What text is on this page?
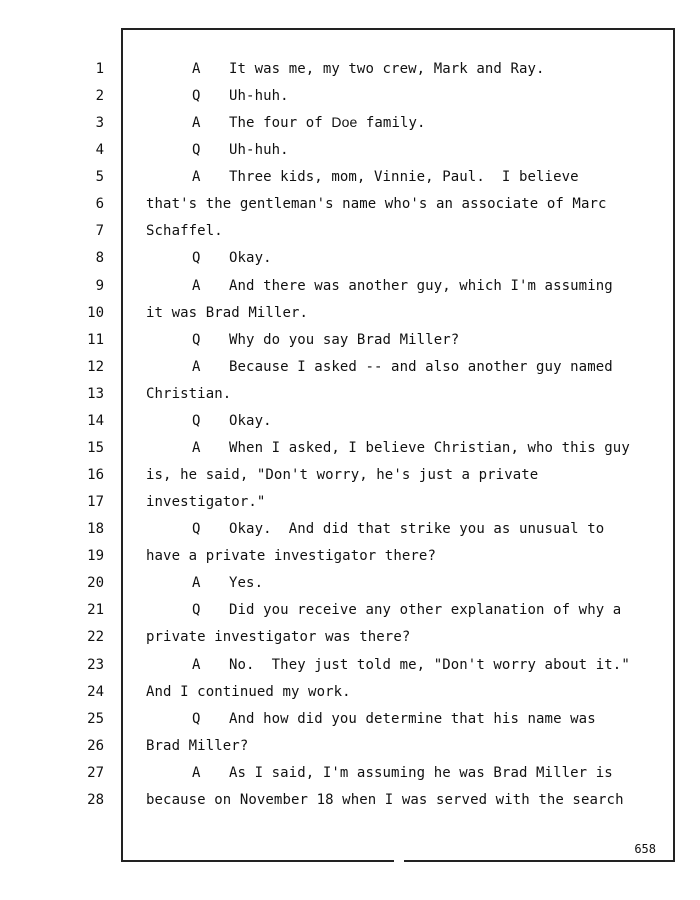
1	A It was me, my two crew, Mark and Ray.
2	Q Uh-huh.
3	A The four of Doe family.
4	Q Uh-huh.
5	A Three kids, mom, Vinnie, Paul.  I believe
6	that's the gentleman's name who's an associate of Marc
7	Schaffel.
8	Q Okay.
9	A And there was another guy, which I'm assuming
10	it was Brad Miller.
11	Q Why do you say Brad Miller?
12	A Because I asked -- and also another guy named
13	Christian.
14	Q Okay.
15	A When I asked, I believe Christian, who this guy
16	is, he said, "Don't worry, he's just a private
17	investigator."
18	Q Okay.  And did that strike you as unusual to
19	have a private investigator there?
20	A Yes.
21	Q Did you receive any other explanation of why a
22	private investigator was there?
23	A No.  They just told me, "Don't worry about it."
24	And I continued my work.
25	Q And how did you determine that his name was
26	Brad Miller?
27	A As I said, I'm assuming he was Brad Miller is
28	because on November 18 when I was served with the search
658
